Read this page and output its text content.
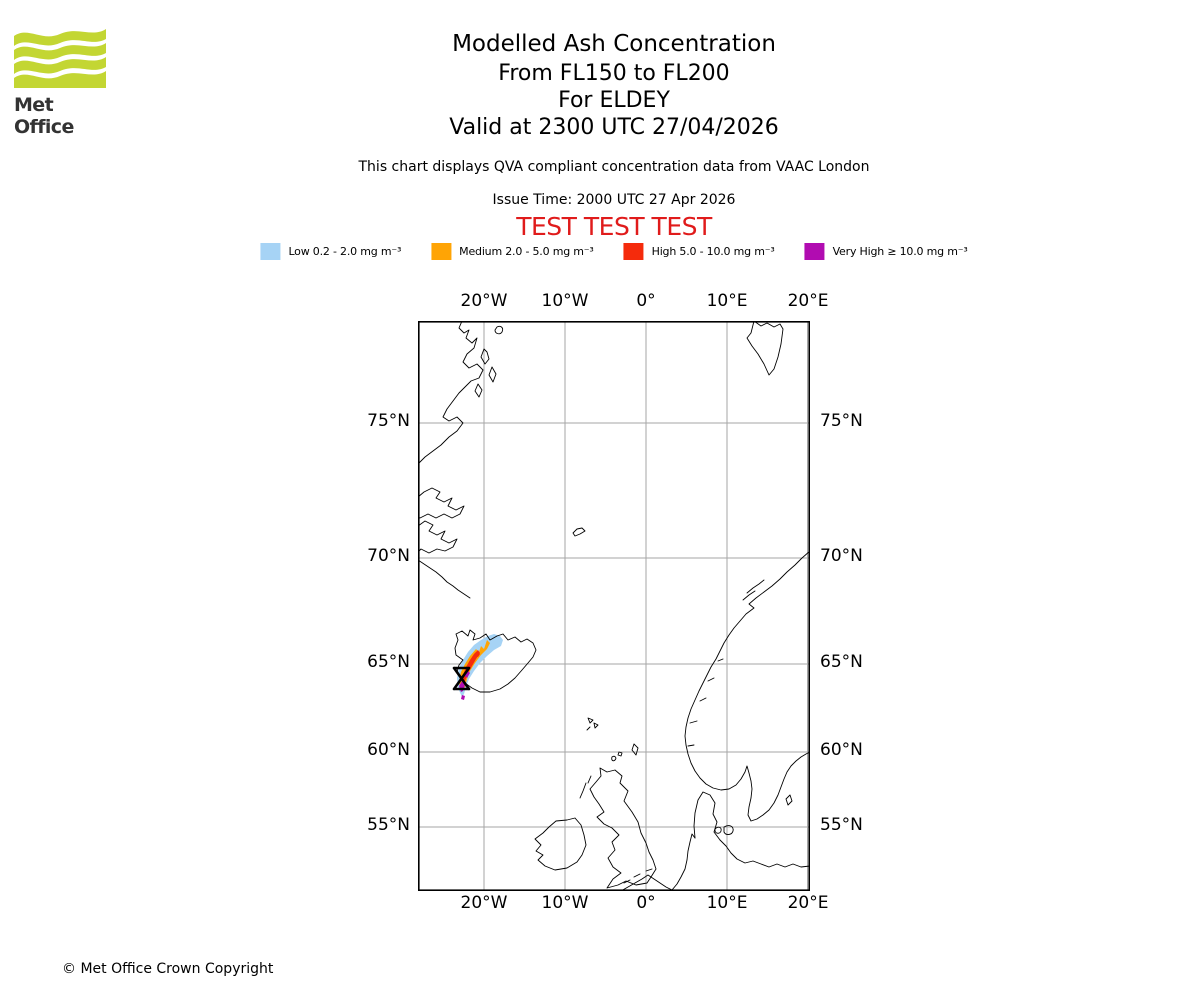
Met Office
Modelled Ash Concentration
From FL150 to FL200
For ELDEY
Valid at 2300 UTC 27/04/2026
This chart displays QVA compliant concentration data from VAAC London
Issue Time: 2000 UTC 27 Apr 2026
TEST TEST TEST
Low 0.2 - 2.0 mg m⁻³	Medium 2.0 - 5.0 mg m⁻³	High 5.0 - 10.0 mg m⁻³	Very High ≥ 10.0 mg m⁻³
20°W 10°W	0°	10°E 20°E
20°W 10°W	0°	10°E 20°E
75°N
70°N
65°N
60°N
55°N
75°N
70°N
65°N
60°N
55°N
© Met Office Crown Copyright
